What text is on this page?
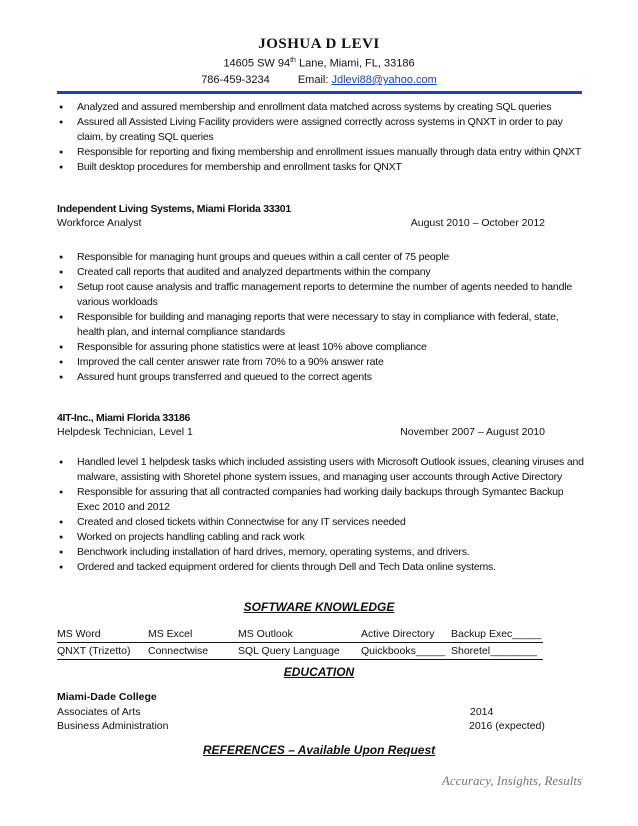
JOSHUA D LEVI
14605 SW 94th Lane, Miami, FL, 33186
786-459-3234	Email: Jdlevi88@yahoo.com
● Analyzed and assured membership and enrollment data matched across systems by creating SQL queries
● Assured all Assisted Living Facility providers were assigned correctly across systems in QNXT in order to pay claim, by creating SQL queries
● Responsible for reporting and fixing membership and enrollment issues manually through data entry within QNXT
● Built desktop procedures for membership and enrollment tasks for QNXT
Independent Living Systems, Miami Florida 33301
Workforce Analyst	August 2010 – October 2012
● Responsible for managing hunt groups and queues within a call center of 75 people
● Created call reports that audited and analyzed departments within the company
● Setup root cause analysis and traffic management reports to determine the number of agents needed to handle various workloads
● Responsible for building and managing reports that were necessary to stay in compliance with federal, state, health plan, and internal compliance standards
● Responsible for assuring phone statistics were at least 10% above compliance
● Improved the call center answer rate from 70% to a 90% answer rate
● Assured hunt groups transferred and queued to the correct agents
4IT-Inc., Miami Florida 33186
Helpdesk Technician, Level 1	November 2007 – August 2010
● Handled level 1 helpdesk tasks which included assisting users with Microsoft Outlook issues, cleaning viruses and malware, assisting with Shoretel phone system issues, and managing user accounts through Active Directory
● Responsible for assuring that all contracted companies had working daily backups through Symantec Backup Exec 2010 and 2012
● Created and closed tickets within Connectwise for any IT services needed
● Worked on projects handling cabling and rack work
● Benchwork including installation of hard drives, memory, operating systems, and drivers.
● Ordered and tacked equipment ordered for clients through Dell and Tech Data online systems.
SOFTWARE KNOWLEDGE
MS Word	MS Excel	MS Outlook	Active Directory	Backup Exec_____
QNXT (Trizetto)	Connectwise	SQL Query Language	Quickbooks_____	Shoretel________
EDUCATION
Miami-Dade College
Associates of Arts	2014
Business Administration	2016 (expected)
REFERENCES – Available Upon Request
Accuracy, Insights, Results
